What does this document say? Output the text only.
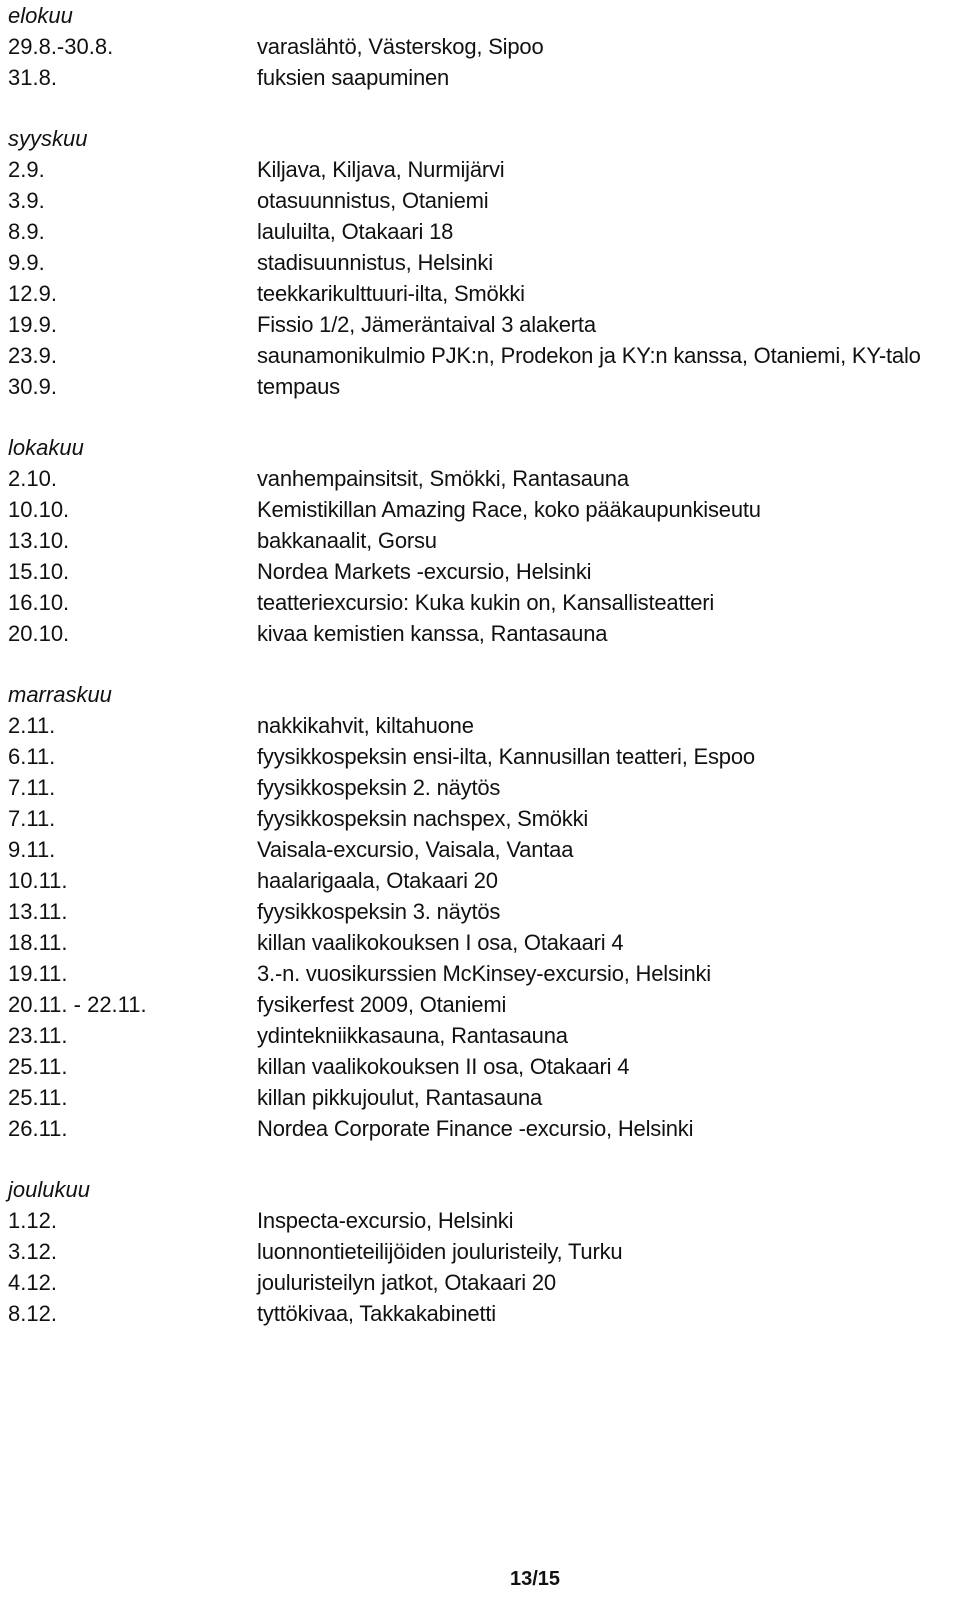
elokuu
29.8.-30.8.	varaslähtö, Västerskog, Sipoo
31.8.	fuksien saapuminen
syyskuu
2.9.	Kiljava, Kiljava, Nurmijärvi
3.9.	otasuunnistus, Otaniemi
8.9.	lauluilta, Otakaari 18
9.9.	stadisuunnistus, Helsinki
12.9.	teekkarikulttuuri-ilta, Smökki
19.9.	Fissio 1/2, Jämeräntaival 3 alakerta
23.9.	saunamonikulmio PJK:n, Prodekon ja KY:n kanssa, Otaniemi, KY-talo
30.9.	tempaus
lokakuu
2.10.	vanhempainsitsit, Smökki, Rantasauna
10.10.	Kemistikillan Amazing Race, koko pääkaupunkiseutu
13.10.	bakkanaalit, Gorsu
15.10.	Nordea Markets -excursio, Helsinki
16.10.	teatteriexcursio: Kuka kukin on, Kansallisteatteri
20.10.	kivaa kemistien kanssa, Rantasauna
marraskuu
2.11.	nakkikahvit, kiltahuone
6.11.	fyysikkospeksin ensi-ilta, Kannusillan teatteri, Espoo
7.11.	fyysikkospeksin 2. näytös
7.11.	fyysikkospeksin nachspex, Smökki
9.11.	Vaisala-excursio, Vaisala, Vantaa
10.11.	haalarigaala, Otakaari 20
13.11.	fyysikkospeksin 3. näytös
18.11.	killan vaalikokouksen I osa, Otakaari 4
19.11.	3.-n. vuosikurssien McKinsey-excursio, Helsinki
20.11. - 22.11.	fysikerfest 2009, Otaniemi
23.11.	ydintekniikkasauna, Rantasauna
25.11.	killan vaalikokouksen II osa, Otakaari 4
25.11.	killan pikkujoulut, Rantasauna
26.11.	Nordea Corporate Finance -excursio, Helsinki
joulukuu
1.12.	Inspecta-excursio, Helsinki
3.12.	luonnontieteilijöiden jouluristeily, Turku
4.12.	jouluristeilyn jatkot, Otakaari 20
8.12.	tyttökivaa, Takkakabinetti
13/15
